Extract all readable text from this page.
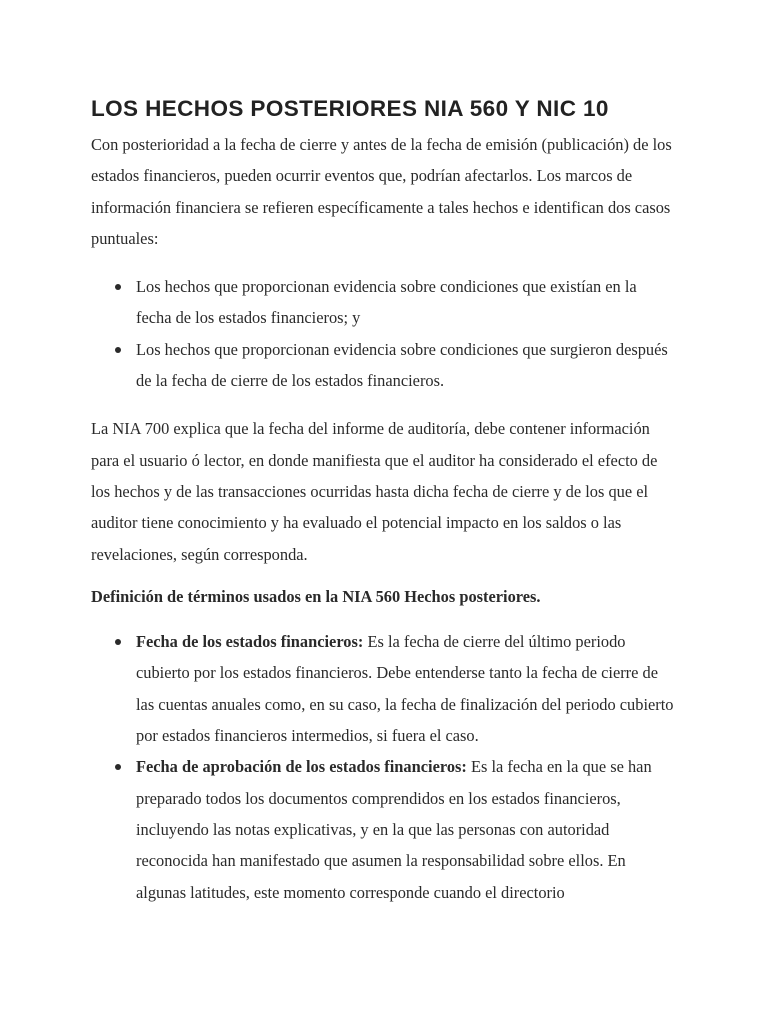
LOS HECHOS POSTERIORES NIA 560 Y NIC 10

Con posterioridad a la fecha de cierre y antes de la fecha de emisión (publicación) de los estados financieros, pueden ocurrir eventos que, podrían afectarlos. Los marcos de información financiera se refieren específicamente a tales hechos e identifican dos casos puntuales:

Los hechos que proporcionan evidencia sobre condiciones que existían en la fecha de los estados financieros; y
Los hechos que proporcionan evidencia sobre condiciones que surgieron después de la fecha de cierre de los estados financieros.

La NIA 700 explica que la fecha del informe de auditoría, debe contener información para el usuario ó lector, en donde manifiesta que el auditor ha considerado el efecto de los hechos y de las transacciones ocurridas hasta dicha fecha de cierre y de los que el auditor tiene conocimiento y ha evaluado el potencial impacto en los saldos o las revelaciones, según corresponda.

Definición de términos usados en la NIA 560 Hechos posteriores.

Fecha de los estados financieros: Es la fecha de cierre del último periodo cubierto por los estados financieros. Debe entenderse tanto la fecha de cierre de las cuentas anuales como, en su caso, la fecha de finalización del periodo cubierto por estados financieros intermedios, si fuera el caso.
Fecha de aprobación de los estados financieros: Es la fecha en la que se han preparado todos los documentos comprendidos en los estados financieros, incluyendo las notas explicativas, y en la que las personas con autoridad reconocida han manifestado que asumen la responsabilidad sobre ellos. En algunas latitudes, este momento corresponde cuando el directorio
